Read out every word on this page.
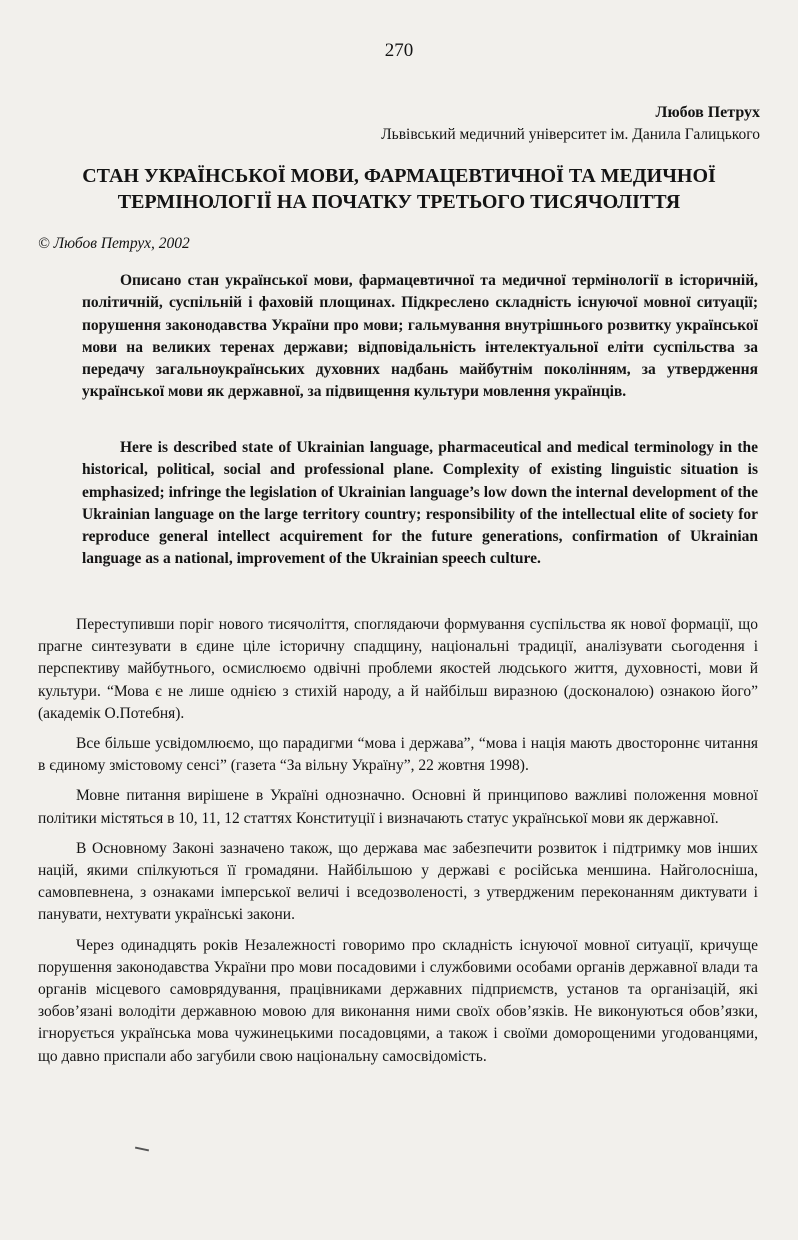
270
Любов Петрух
Львівський медичний університет ім. Данила Галицького
СТАН УКРАЇНСЬКОЇ МОВИ, ФАРМАЦЕВТИЧНОЇ ТА МЕДИЧНОЇ ТЕРМІНОЛОГІЇ НА ПОЧАТКУ ТРЕТЬОГО ТИСЯЧОЛІТТЯ
© Любов Петрух, 2002

Описано стан української мови, фармацевтичної та медичної термінології в історичній, політичній, суспільній і фаховій площинах. Підкреслено складність існуючої мовної ситуації; порушення законодавства України про мови; гальмування внутрішнього розвитку української мови на великих теренах держави; відповідальність інтелектуальної еліти суспільства за передачу загальноукраїнських духовних надбань майбутнім поколінням, за утвердження української мови як державної, за підвищення культури мовлення українців.

Here is described state of Ukrainian language, pharmaceutical and medical terminology in the historical, political, social and professional plane. Complexity of existing linguistic situation is emphasized; infringe the legislation of Ukrainian language’s low down the internal development of the Ukrainian language on the large territory country; responsibility of the intellectual elite of society for reproduce general intellect acquirement for the future generations, confirmation of Ukrainian language as a national, improvement of the Ukrainian speech culture.

Переступивши поріг нового тисячоліття, споглядаючи формування суспільства як нової формації, що прагне синтезувати в єдине ціле історичну спадщину, національні традиції, аналізувати сьогодення і перспективу майбутнього, осмислюємо одвічні проблеми якостей людського життя, духовності, мови й культури. “Мова є не лише однією з стихій народу, а й найбільш виразною (досконалою) ознакою його” (академік О.Потебня).

Все більше усвідомлюємо, що парадигми “мова і держава”, “мова і нація мають двостороннє читання в єдиному змістовому сенсі” (газета “За вільну Україну”, 22 жовтня 1998).

Мовне питання вирішене в Україні однозначно. Основні й принципово важливі положення мовної політики містяться в 10, 11, 12 статтях Конституції і визначають статус української мови як державної.

В Основному Законі зазначено також, що держава має забезпечити розвиток і підтримку мов інших націй, якими спілкуються її громадяни. Найбільшою у державі є російська меншина. Найголосніша, самовпевнена, з ознаками імперської величі і вседозволеності, з утвердженим переконанням диктувати і панувати, нехтувати українські закони.

Через одинадцять років Незалежності говоримо про складність існуючої мовної ситуації, кричуще порушення законодавства України про мови посадовими і службовими особами органів державної влади та органів місцевого самоврядування, працівниками державних підприємств, установ та організацій, які зобов’язані володіти державною мовою для виконання ними своїх обов’язків. Не виконуються обов’язки, ігнорується українська мова чужинецькими посадовцями, а також і своїми доморощеними угодованцями, що давно приспали або загубили свою національну самосвідомість.
